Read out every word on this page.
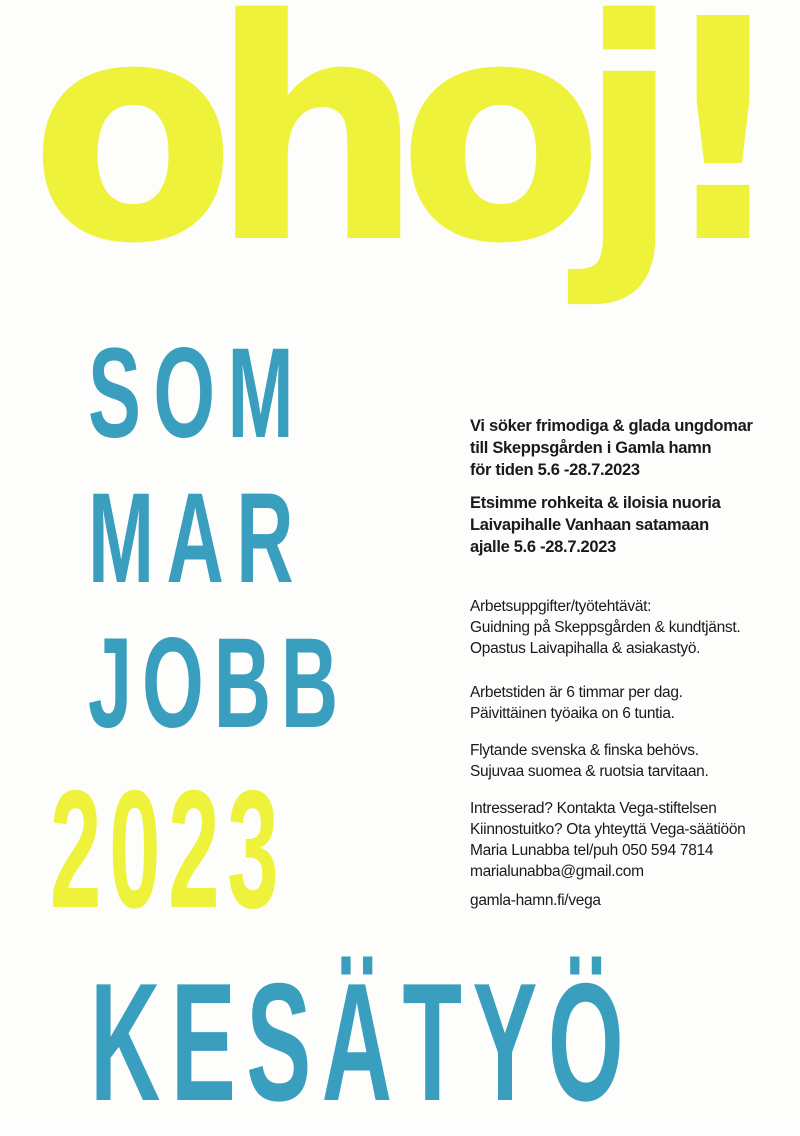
ohoj!
SOM
MAR
JOBB
2023
KESÄTYÖ
Vi söker frimodiga & glada ungdomar
till Skeppsgården i Gamla hamn
för tiden 5.6 -28.7.2023
Etsimme rohkeita & iloisia nuoria
Laivapihalle Vanhaan satamaan
ajalle 5.6 -28.7.2023
Arbetsuppgifter/työtehtävät:
Guidning på Skeppsgården & kundtjänst.
Opastus Laivapihalla & asiakastyö.
Arbetstiden är 6 timmar per dag.
Päivittäinen työaika on 6 tuntia.
Flytande svenska & finska behövs.
Sujuvaa suomea & ruotsia tarvitaan.
Intresserad? Kontakta Vega-stiftelsen
Kiinnostuitko? Ota yhteyttä Vega-säätiöön
Maria Lunabba tel/puh 050 594 7814
marialunabba@gmail.com
gamla-hamn.fi/vega
